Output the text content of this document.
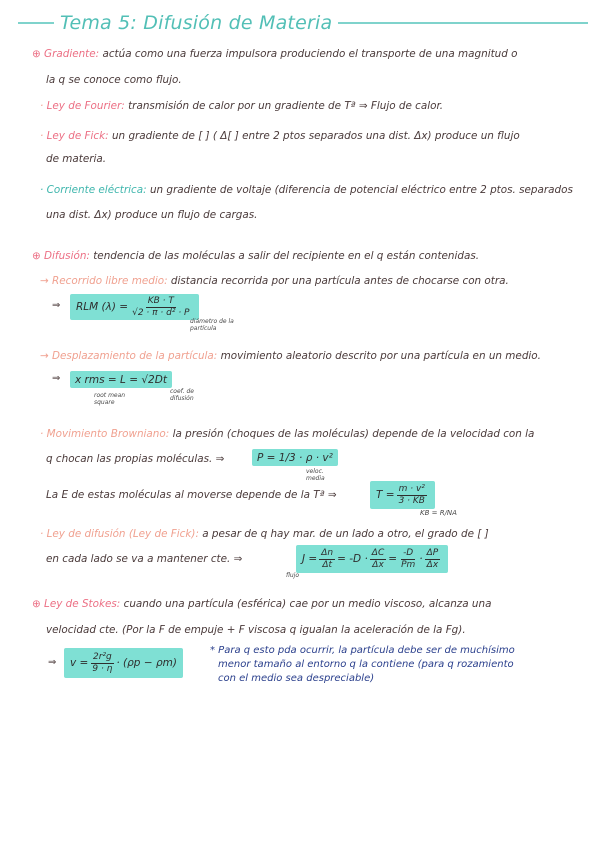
Tema 5: Difusión de Materia
⊕ Gradiente: actúa como una fuerza impulsora produciendo el transporte de una magnitud o
la q se conoce como flujo.
· Ley de Fourier: transmisión de calor por un gradiente de Tª ⇒ Flujo de calor.
· Ley de Fick: un gradiente de [ ] ( Δ[ ] entre 2 ptos separados una dist. Δx) produce un flujo
de materia.
· Corriente eléctrica: un gradiente de voltaje (diferencia de potencial eléctrico entre 2 ptos. separados
una dist. Δx) produce un flujo de cargas.
⊕ Difusión: tendencia de las moléculas a salir del recipiente en el q están contenidas.
→ Recorrido libre medio: distancia recorrida por una partícula antes de chocarse con otra.
⇒ RLM $(\lambda) = \frac{KB \cdot T}{\text{√2 · π · d² · P}}$
diámetro de la partícula
→ Desplazamiento de la partícula: movimiento aleatorio descrito por una partícula en un medio.
⇒	x rms = L = √2Dt
root mean square
coef. de difusión
· Movimiento Browniano: la presión (choques de las moléculas) depende de la velocidad con la
q chocan las propias moléculas. ⇒	P = 1/3 · ρ · v²
veloc. media
La E de estas moléculas al moverse depende de la Tª ⇒	$T = \frac{\text{m · v²}}{3 \cdot KB}$
KB = R/NA
· Ley de difusión (Ley de Fick): a pesar de q hay mar. de un lado a otro, el grado de [ ]
en cada lado se va a mantener cte. ⇒	$J = \frac{\Delta n}{\Delta t} = -D \cdot \frac{\Delta C}{\Delta x} = \frac{-D}{Pm} \cdot \frac{\Delta P}{\Delta x}$
flujo
⊕ Ley de Stokes: cuando una partícula (esférica) cae por un medio viscoso, alcanza una
velocidad cte. (Por la F de empuje + F viscosa q igualan la aceleración de la Fg).
⇒ $v = \frac{\text{2r²g}}{9 \cdot \eta} \cdot (\rho p - \rho m)$
* Para q esto pda ocurrir, la partícula debe ser de muchísimo
menor tamaño al entorno q la contiene (para q rozamiento
con el medio sea despreciable)
